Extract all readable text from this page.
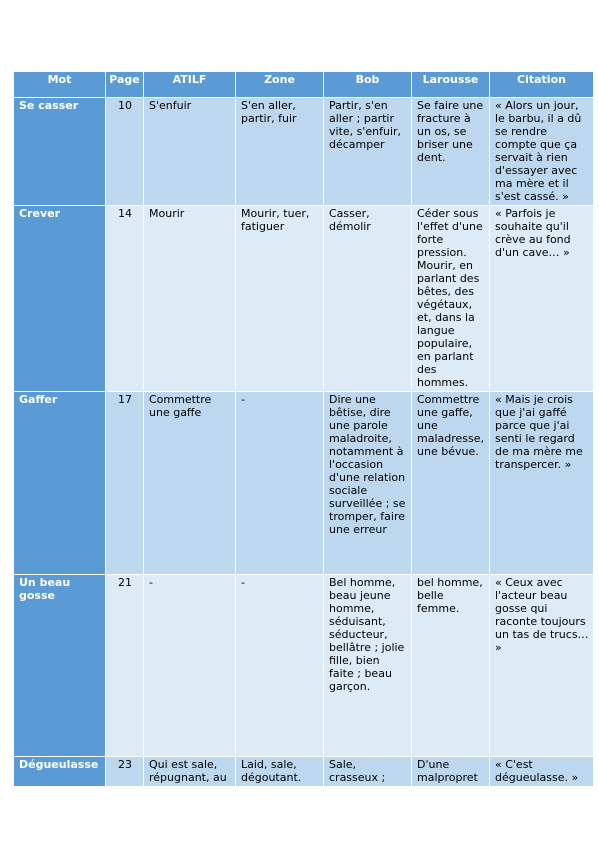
Mot	Page	ATILF	Zone	Bob	Larousse	Citation
Se casser	10	S'enfuir	S'en aller, partir, fuir	Partir, s'en aller ; partir vite, s'enfuir, décamper	Se faire une fracture à un os, se briser une dent.	« Alors un jour, le barbu, il a dû se rendre compte que ça servait à rien d'essayer avec ma mère et il s'est cassé. »
Crever	14	Mourir	Mourir, tuer, fatiguer	Casser, démolir	Céder sous l'effet d'une forte pression. Mourir, en parlant des bêtes, des végétaux, et, dans la langue populaire, en parlant des hommes.	« Parfois je souhaite qu'il crève au fond d'un cave… »
Gaffer	17	Commettre une gaffe	-	Dire une bêtise, dire une parole maladroite, notamment à l'occasion d'une relation sociale surveillée ; se tromper, faire une erreur	Commettre une gaffe, une maladresse, une bévue.	« Mais je crois que j'ai gaffé parce que j'ai senti le regard de ma mère me transpercer. »
Un beau gosse	21	-	-	Bel homme, beau jeune homme, séduisant, séducteur, bellâtre ; jolie fille, bien faite ; beau garçon.	bel homme, belle femme.	« Ceux avec l'acteur beau gosse qui raconte toujours un tas de trucs… »
Dégueulasse	23	Qui est sale, répugnant, au	Laid, sale, dégoutant.	Sale, crasseux ;	D'une malpropret	« C'est dégueulasse. »
